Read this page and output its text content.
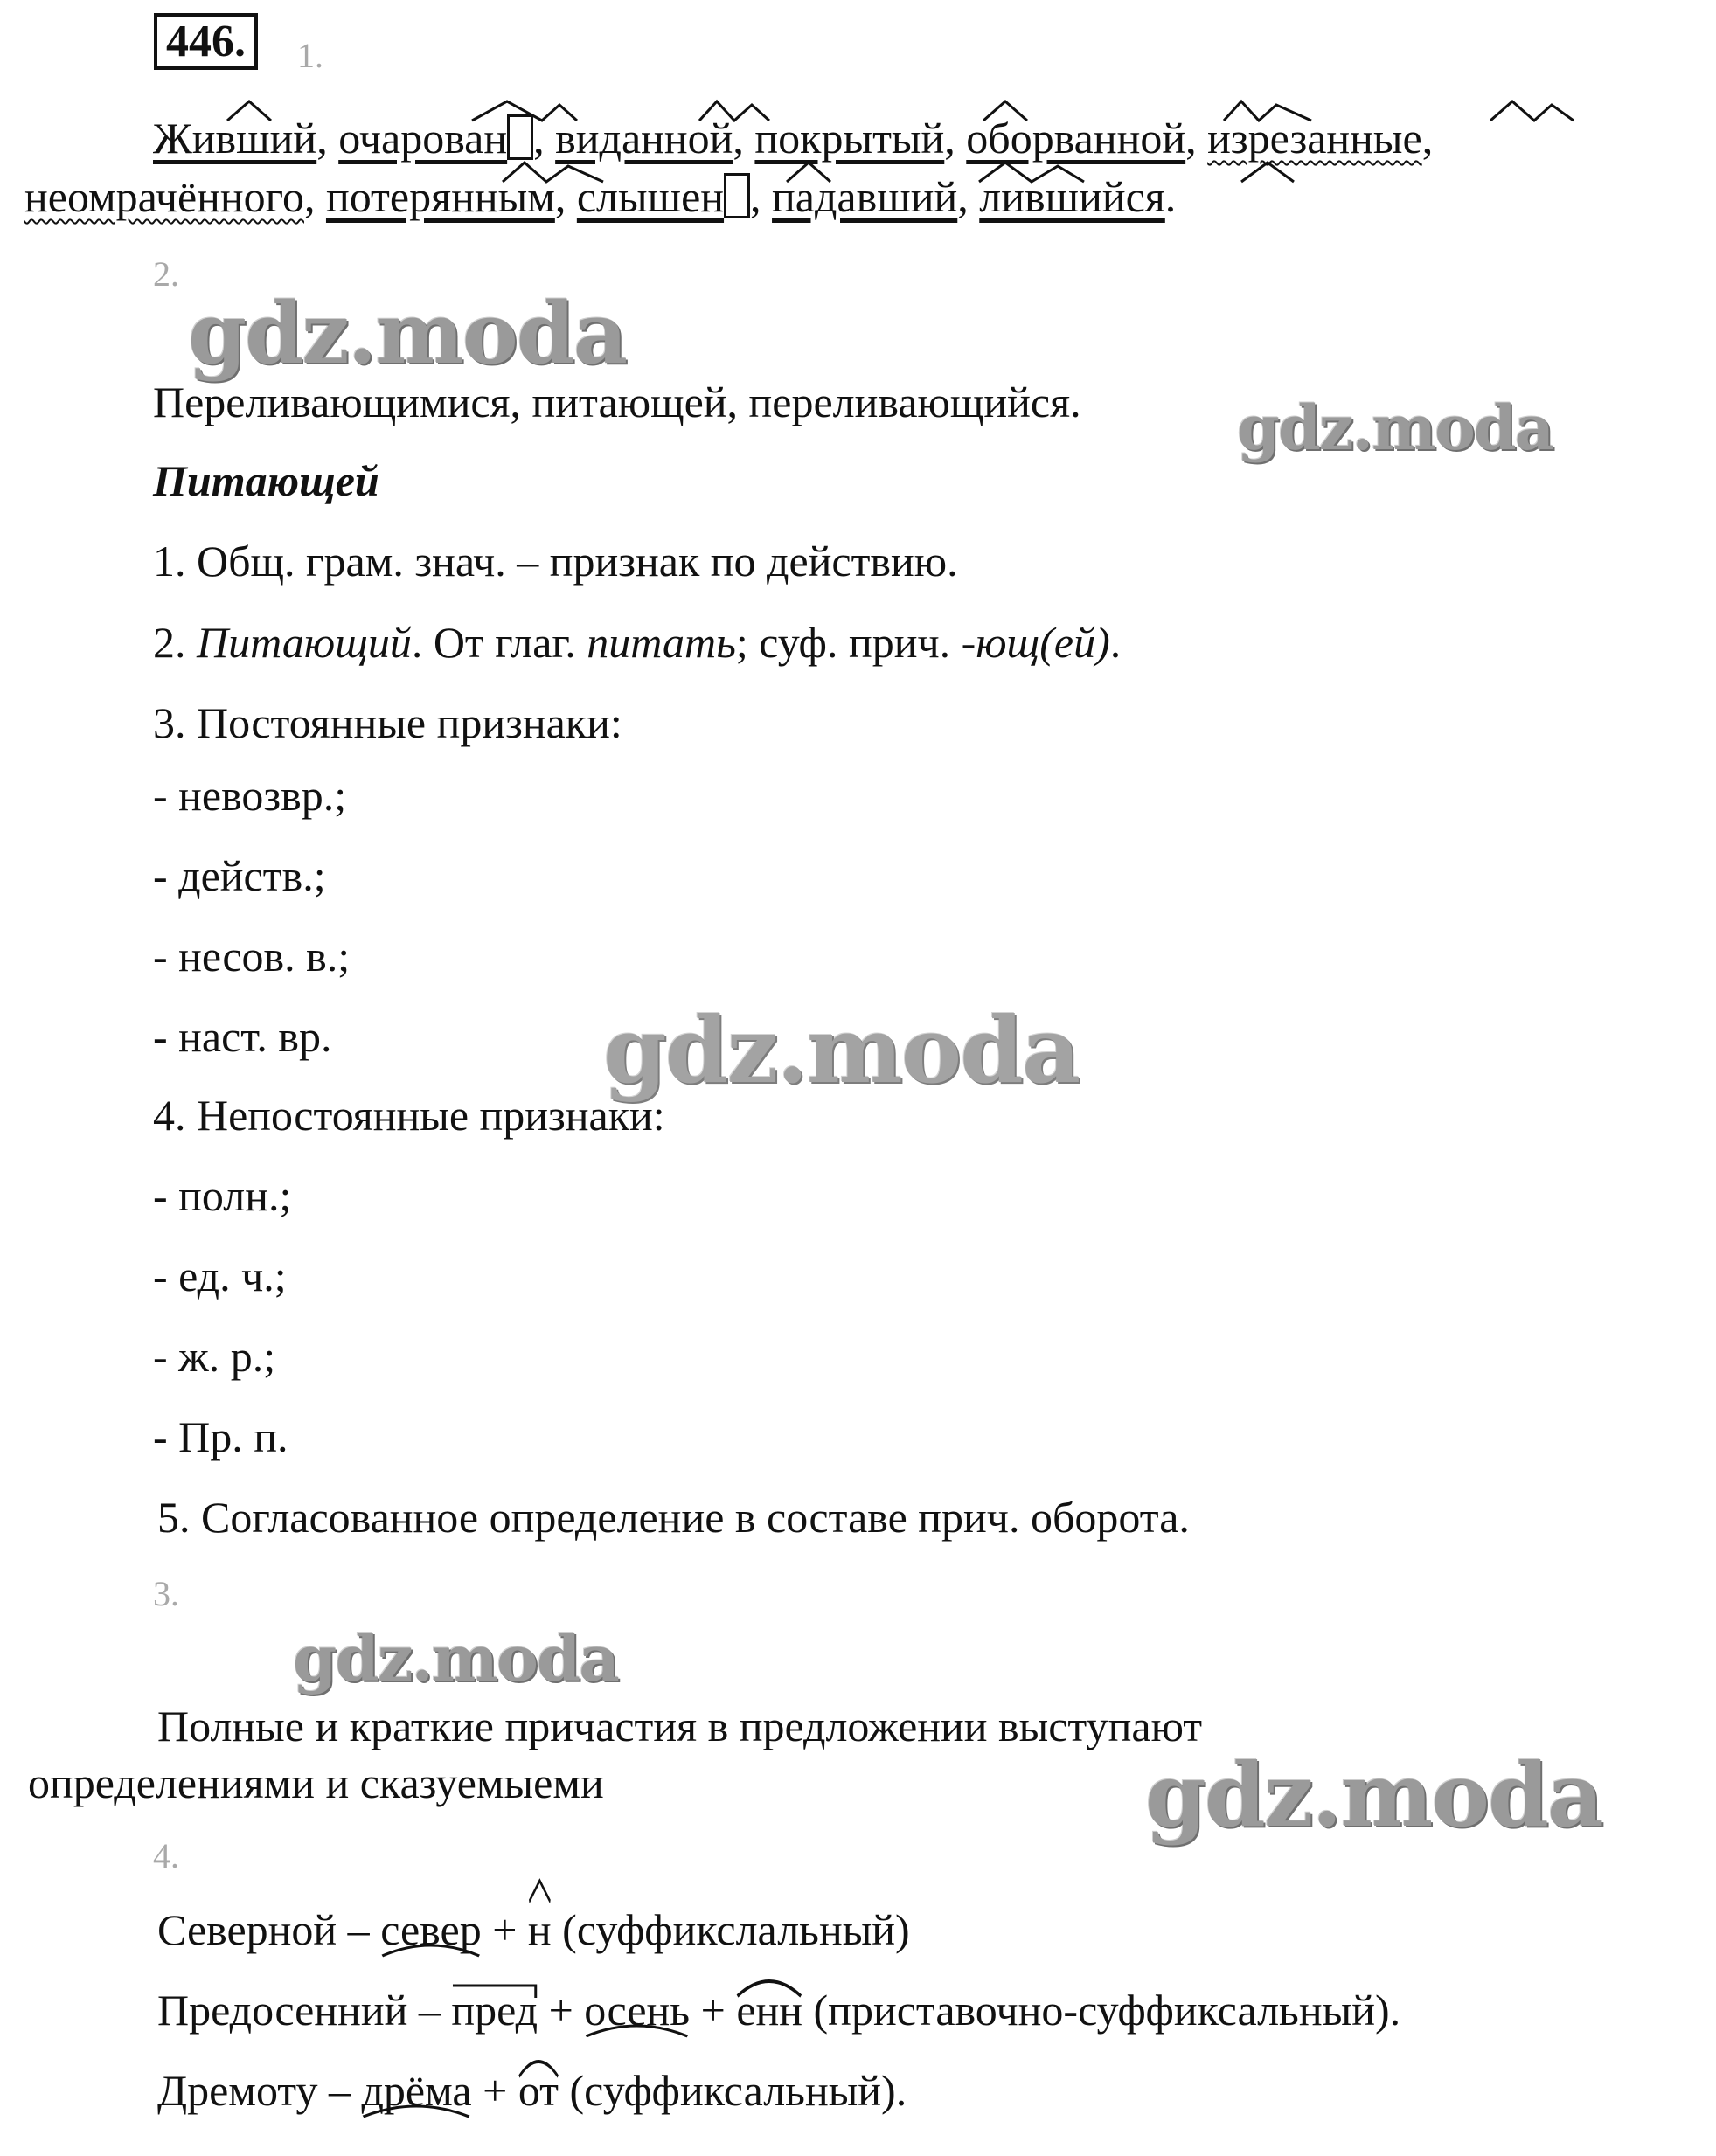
446.	1.
Живший, очарован , виданной, покрытый, оборванной, изрезанные,
неомрачённого, потерянным, слышен , падавший, лившийся.
2.
Переливающимися, питающей, переливающийся.
Питающей
1. Общ. грам. знач. – признак по действию.
2. Питающий. От глаг. питать; суф. прич. -ющ(ей).
3. Постоянные признаки:
- невозвр.;
- действ.;
- несов. в.;
- наст. вр.
4. Непостоянные признаки:
- полн.;
- ед. ч.;
- ж. р.;
- Пр. п.
5. Согласованное определение в составе прич. оборота.
3.
Полные и краткие причастия в предложении выступают
определениями и сказуемыеми
4.
Северной – север
+
н (суффикслальный)
Предосенний –
пред + осень
+
енн (приставочно-суффиксальный).
Дремоту – дрёма
+
от (суффиксальный).
gdz.moda
gdz.moda
gdz.moda
gdz.moda
gdz.moda
